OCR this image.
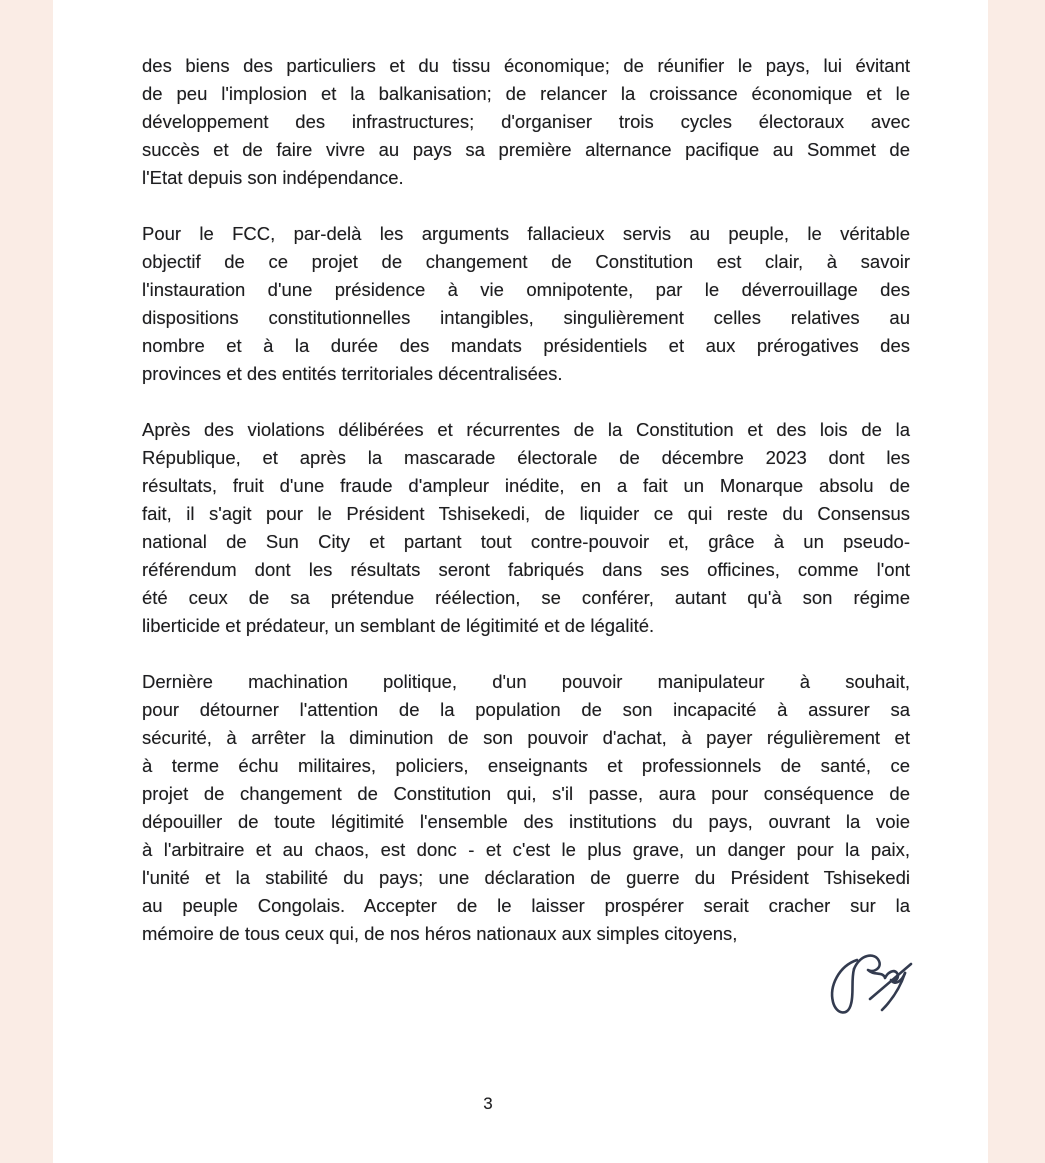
des biens des particuliers et du tissu économique; de réunifier le pays, lui évitant
de peu l'implosion et la balkanisation; de relancer la croissance économique et le
développement des infrastructures; d'organiser trois cycles électoraux avec
succès et de faire vivre au pays sa première alternance pacifique au Sommet de
l'Etat depuis son indépendance.
Pour le FCC, par-delà les arguments fallacieux servis au peuple, le véritable
objectif de ce projet de changement de Constitution est clair, à savoir
l'instauration d'une présidence à vie omnipotente, par le déverrouillage des
dispositions constitutionnelles intangibles, singulièrement celles relatives au
nombre et à la durée des mandats présidentiels et aux prérogatives des
provinces et des entités territoriales décentralisées.
Après des violations délibérées et récurrentes de la Constitution et des lois de la
République, et après la mascarade électorale de décembre 2023 dont les
résultats, fruit d'une fraude d'ampleur inédite, en a fait un Monarque absolu de
fait, il s'agit pour le Président Tshisekedi, de liquider ce qui reste du Consensus
national de Sun City et partant tout contre-pouvoir et, grâce à un pseudo-
référendum dont les résultats seront fabriqués dans ses officines, comme l'ont
été ceux de sa prétendue réélection, se conférer, autant qu'à son régime
liberticide et prédateur, un semblant de légitimité et de légalité.
Dernière machination politique, d'un pouvoir manipulateur à souhait,
pour détourner l'attention de la population de son incapacité à assurer sa
sécurité, à arrêter la diminution de son pouvoir d'achat, à payer régulièrement et
à terme échu militaires, policiers, enseignants et professionnels de santé, ce
projet de changement de Constitution qui, s'il passe, aura pour conséquence de
dépouiller de toute légitimité l'ensemble des institutions du pays, ouvrant la voie
à l'arbitraire et au chaos, est donc - et c'est le plus grave, un danger pour la paix,
l'unité et la stabilité du pays; une déclaration de guerre du Président Tshisekedi
au peuple Congolais. Accepter de le laisser prospérer serait cracher sur la
mémoire de tous ceux qui, de nos héros nationaux aux simples citoyens,
3
